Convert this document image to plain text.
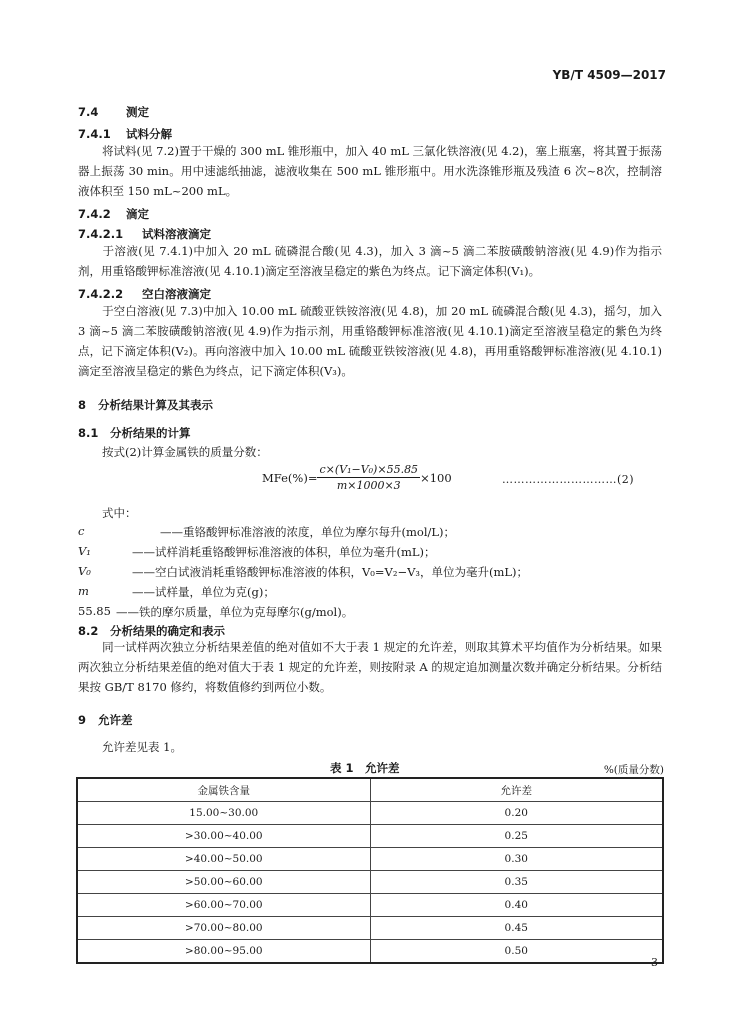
YB/T 4509—2017
7.4 测定
7.4.1 试料分解
将试料(见 7.2)置于干燥的 300 mL 锥形瓶中，加入 40 mL 三氯化铁溶液(见 4.2)，塞上瓶塞，将其置于振荡器上振荡 30 min。用中速滤纸抽滤，滤液收集在 500 mL 锥形瓶中。用水洗涤锥形瓶及残渣 6 次~8次，控制溶液体积至 150 mL~200 mL。
7.4.2 滴定
7.4.2.1 试料溶液滴定
于溶液(见 7.4.1)中加入 20 mL 硫磷混合酸(见 4.3)，加入 3 滴~5 滴二苯胺磺酸钠溶液(见 4.9)作为指示剂，用重铬酸钾标准溶液(见 4.10.1)滴定至溶液呈稳定的紫色为终点。记下滴定体积(V₁)。
7.4.2.2 空白溶液滴定
于空白溶液(见 7.3)中加入 10.00 mL 硫酸亚铁铵溶液(见 4.8)，加 20 mL 硫磷混合酸(见 4.3)，摇匀，加入 3 滴~5 滴二苯胺磺酸钠溶液(见 4.9)作为指示剂，用重铬酸钾标准溶液(见 4.10.1)滴定至溶液呈稳定的紫色为终点，记下滴定体积(V₂)。再向溶液中加入 10.00 mL 硫酸亚铁铵溶液(见 4.8)，再用重铬酸钾标准溶液(见 4.10.1)滴定至溶液呈稳定的紫色为终点，记下滴定体积(V₃)。
8 分析结果计算及其表示
8.1 分析结果的计算
按式(2)计算金属铁的质量分数：
$MFe(\%)= \frac{\text{c×(V₁−V₀)×55.85}}{m\times 1000\times 3} \times 100$	…………………………(2)
式中：
c	——重铬酸钾标准溶液的浓度，单位为摩尔每升(mol/L)；
V₁	——试样消耗重铬酸钾标准溶液的体积，单位为毫升(mL)；
V₀	——空白试液消耗重铬酸钾标准溶液的体积，V₀=V₂−V₃，单位为毫升(mL)；
m	——试样量，单位为克(g)；
55.85 ——铁的摩尔质量，单位为克每摩尔(g/mol)。
8.2 分析结果的确定和表示
同一试样两次独立分析结果差值的绝对值如不大于表 1 规定的允许差，则取其算术平均值作为分析结果。如果两次独立分析结果差值的绝对值大于表 1 规定的允许差，则按附录 A 的规定追加测量次数并确定分析结果。分析结果按 GB/T 8170 修约，将数值修约到两位小数。
9 允许差
允许差见表 1。
表 1　允许差	%(质量分数)
金属铁含量	允许差
15.00~30.00	0.20
>30.00~40.00	0.25
>40.00~50.00	0.30
>50.00~60.00	0.35
>60.00~70.00	0.40
>70.00~80.00	0.45
>80.00~95.00	0.50
3
